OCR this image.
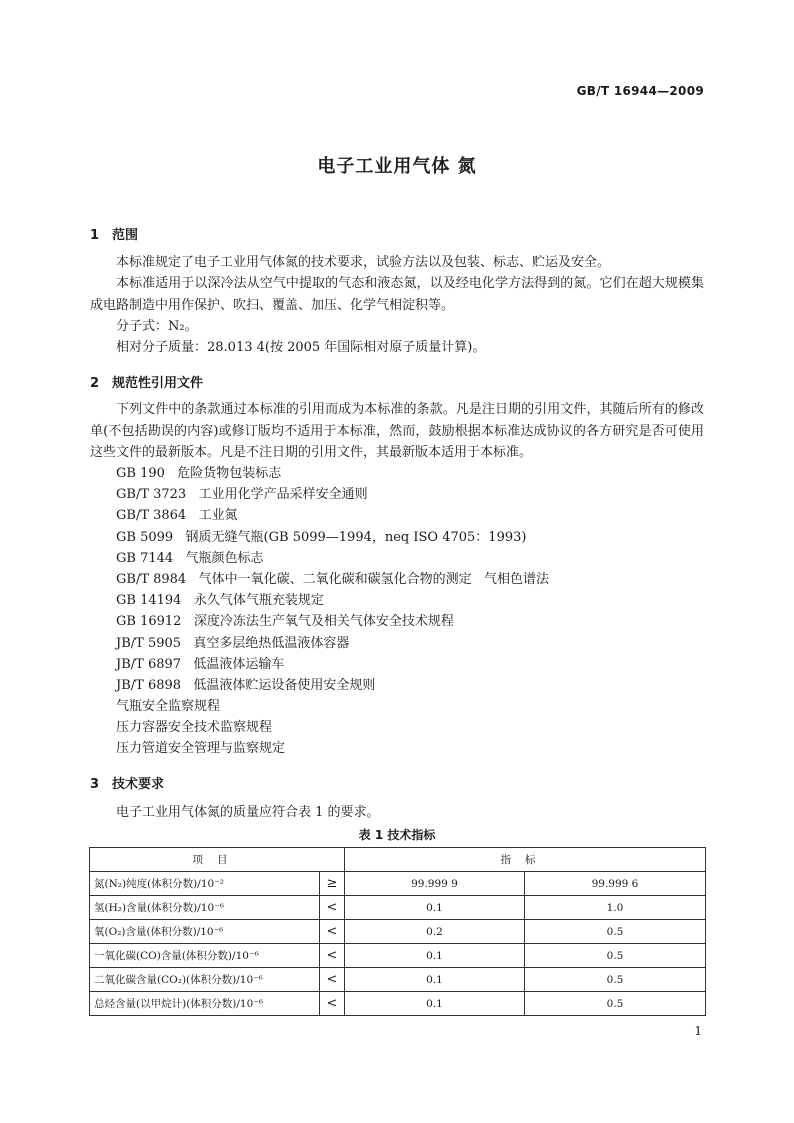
GB/T 16944—2009
电子工业用气体 氮
1 范围

本标准规定了电子工业用气体氮的技术要求，试验方法以及包装、标志、贮运及安全。

本标准适用于以深冷法从空气中提取的气态和液态氮，以及经电化学方法得到的氮。它们在超大规模集成电路制造中用作保护、吹扫、覆盖、加压、化学气相淀积等。

分子式：N₂。

相对分子质量：28.013 4(按 2005 年国际相对原子质量计算)。

2 规范性引用文件

下列文件中的条款通过本标准的引用而成为本标准的条款。凡是注日期的引用文件，其随后所有的修改单(不包括勘误的内容)或修订版均不适用于本标准，然而，鼓励根据本标准达成协议的各方研究是否可使用这些文件的最新版本。凡是不注日期的引用文件，其最新版本适用于本标准。

GB 190   危险货物包装标志
GB/T 3723   工业用化学产品采样安全通则
GB/T 3864   工业氮
GB 5099   钢质无缝气瓶(GB 5099—1994，neq ISO 4705：1993)
GB 7144   气瓶颜色标志
GB/T 8984   气体中一氧化碳、二氧化碳和碳氢化合物的测定   气相色谱法
GB 14194   永久气体气瓶充装规定
GB 16912   深度冷冻法生产氧气及相关气体安全技术规程
JB/T 5905   真空多层绝热低温液体容器
JB/T 6897   低温液体运输车
JB/T 6898   低温液体贮运设备使用安全规则
气瓶安全监察规程
压力容器安全技术监察规程
压力管道安全管理与监察规定
3 技术要求

电子工业用气体氮的质量应符合表 1 的要求。

表 1 技术指标
项目		指标	
氮(N₂)纯度(体积分数)/10⁻²	≥	99.999 9	99.999 6
氢(H₂)含量(体积分数)/10⁻⁶	<	0.1	1.0
氧(O₂)含量(体积分数)/10⁻⁶	<	0.2	0.5
一氧化碳(CO)含量(体积分数)/10⁻⁶	<	0.1	0.5
二氧化碳含量(CO₂)(体积分数)/10⁻⁶	<	0.1	0.5
总烃含量(以甲烷计)(体积分数)/10⁻⁶	<	0.1	0.5
1
